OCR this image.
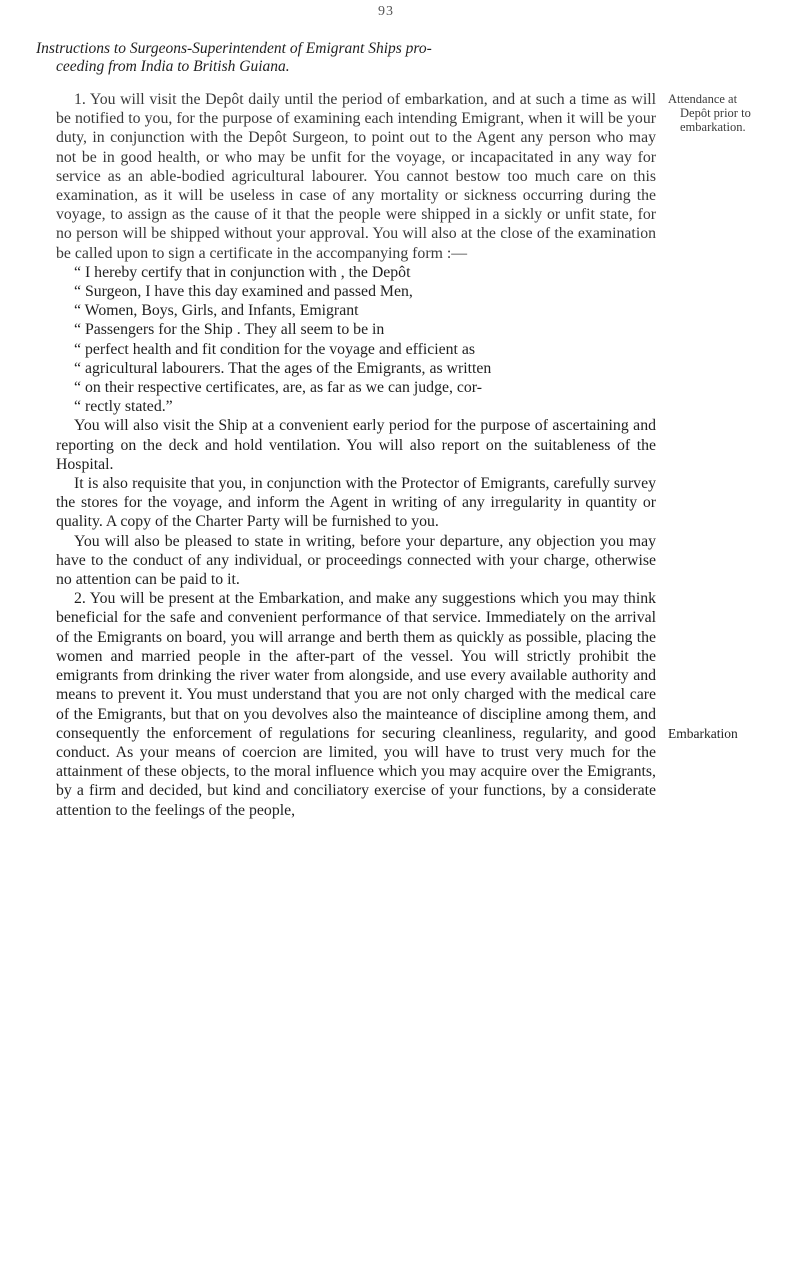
93
Instructions to Surgeons-Superintendent of Emigrant Ships pro-
ceeding from India to British Guiana.
Attendance at

Depôt prior to
embarkation.
Embarkation

1. You will visit the Depôt daily until the period of embarkation, and at such a time as will be notified to you, for the purpose of examining each intending Emigrant, when it will be your duty, in conjunction with the Depôt Surgeon, to point out to the Agent any person who may not be in good health, or who may be unfit for the voyage, or incapacitated in any way for service as an able-bodied agricultural labourer. You cannot bestow too much care on this examination, as it will be useless in case of any mortality or sickness occurring during the voyage, to assign as the cause of it that the people were shipped in a sickly or unfit state, for no person will be shipped without your approval. You will also at the close of the examination be called upon to sign a certificate in the accompanying form :—

“ I hereby certify that in conjunction with , the Depôt
“ Surgeon, I have this day examined and passed Men,
“ Women, Boys, Girls, and Infants, Emigrant
“ Passengers for the Ship . They all seem to be in
“ perfect health and fit condition for the voyage and efficient as
“ agricultural labourers. That the ages of the Emigrants, as written
“ on their respective certificates, are, as far as we can judge, cor-
“ rectly stated.”

You will also visit the Ship at a convenient early period for the purpose of ascertaining and reporting on the deck and hold ventilation. You will also report on the suitableness of the Hospital.

It is also requisite that you, in conjunction with the Protector of Emigrants, carefully survey the stores for the voyage, and inform the Agent in writing of any irregularity in quantity or quality. A copy of the Charter Party will be furnished to you.

You will also be pleased to state in writing, before your departure, any objection you may have to the conduct of any individual, or proceedings connected with your charge, otherwise no attention can be paid to it.

2. You will be present at the Embarkation, and make any suggestions which you may think beneficial for the safe and convenient performance of that service. Immediately on the arrival of the Emigrants on board, you will arrange and berth them as quickly as possible, placing the women and married people in the after-part of the vessel. You will strictly prohibit the emigrants from drinking the river water from alongside, and use every available authority and means to prevent it. You must understand that you are not only charged with the medical care of the Emigrants, but that on you devolves also the mainteance of discipline among them, and consequently the enforcement of regulations for securing cleanliness, regularity, and good conduct. As your means of coercion are limited, you will have to trust very much for the attainment of these objects, to the moral influence which you may acquire over the Emigrants, by a firm and decided, but kind and conciliatory exercise of your functions, by a considerate attention to the feelings of the people,
